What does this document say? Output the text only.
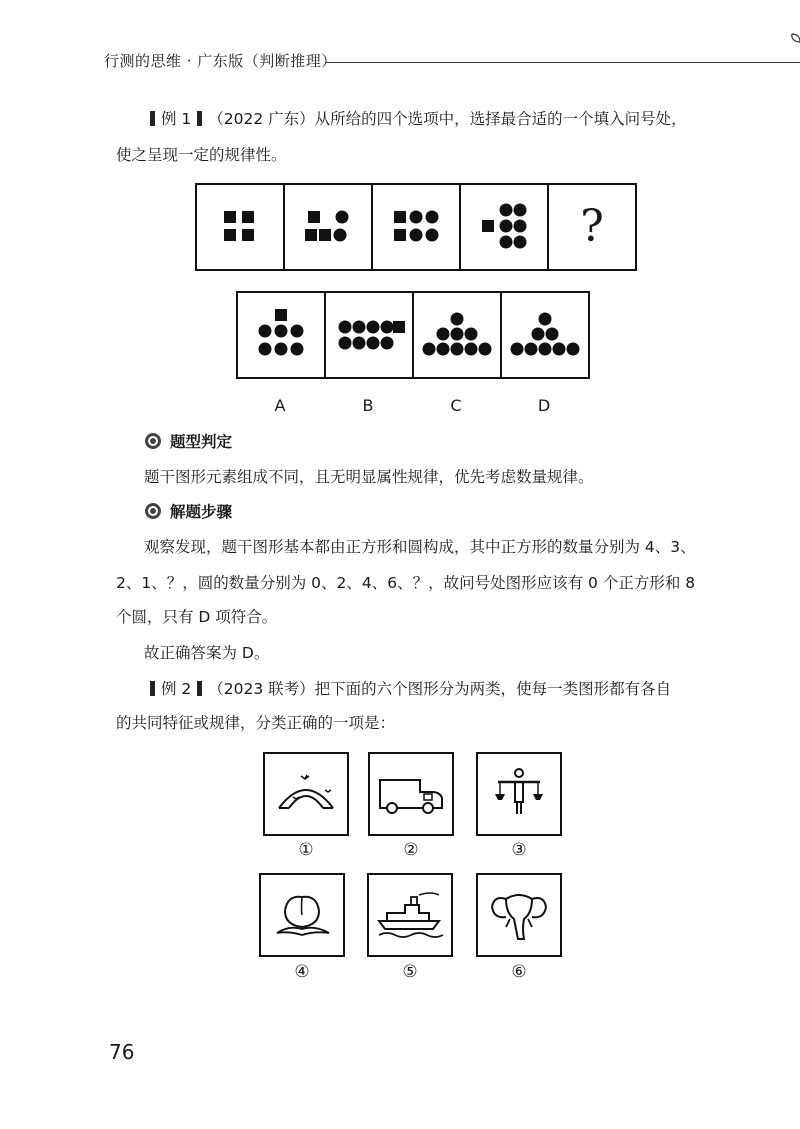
行测的思维 · 广东版（判断推理）
例 1 （2022 广东）从所给的四个选项中，选择最合适的一个填入问号处，
使之呈现一定的规律性。
?
A	B	C	D
题型判定
题干图形元素组成不同，且无明显属性规律，优先考虑数量规律。
解题步骤
观察发现，题干图形基本都由正方形和圆构成，其中正方形的数量分别为 4、3、
2、1、？，圆的数量分别为 0、2、4、6、？，故问号处图形应该有 0 个正方形和 8
个圆，只有 D 项符合。
故正确答案为 D。
例 2 （2023 联考）把下面的六个图形分为两类，使每一类图形都有各自
的共同特征或规律，分类正确的一项是：
①	②	③
④	⑤	⑥
76
